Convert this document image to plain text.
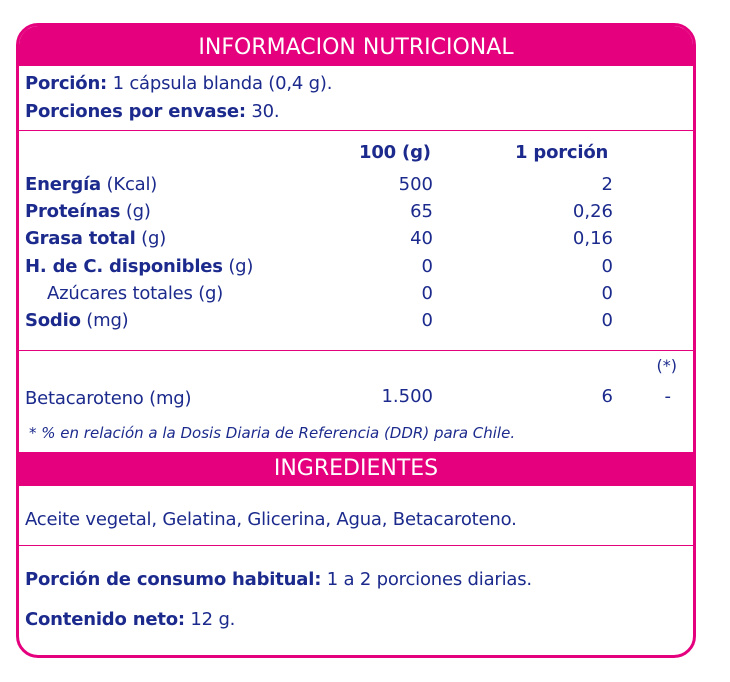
INFORMACION NUTRICIONAL
Porción: 1 cápsula blanda (0,4 g).
Porciones por envase: 30.
100 (g)	1 porción
Energía (Kcal)	500	2
Proteínas (g)	65	0,26
Grasa total (g)	40	0,16
H. de C. disponibles (g)	0	0
Azúcares totales (g)	0	0
Sodio (mg)	0	0
(*)
Betacaroteno (mg)	1.500	6	-
* % en relación a la Dosis Diaria de Referencia (DDR) para Chile.
INGREDIENTES
Aceite vegetal, Gelatina, Glicerina, Agua, Betacaroteno.
Porción de consumo habitual: 1 a 2 porciones diarias.
Contenido neto: 12 g.
